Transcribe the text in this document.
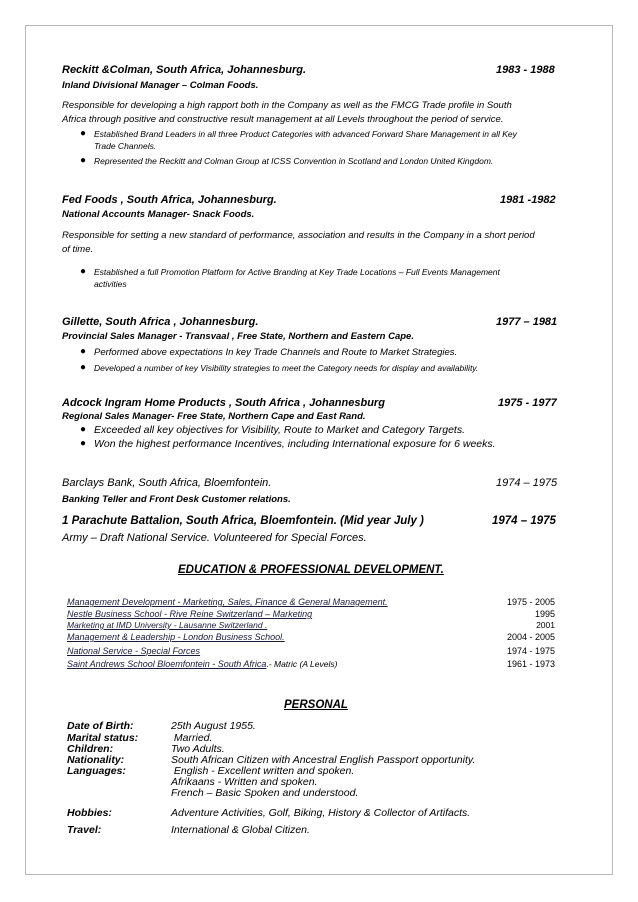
Reckitt &Colman, South Africa, Johannesburg.	1983 - 1988
Inland Divisional Manager – Colman Foods.
Responsible for developing a high rapport both in the Company as well as the FMCG Trade profile in South
Africa through positive and constructive result management at all Levels throughout the period of service.
● Established Brand Leaders in all three Product Categories with advanced Forward Share Management in all Key
Trade Channels.
● Represented the Reckitt and Colman Group at ICSS Convention in Scotland and London United Kingdom.
Fed Foods , South Africa, Johannesburg.	1981 -1982
National Accounts Manager- Snack Foods.
Responsible for setting a new standard of performance, association and results in the Company in a short period
of time.
● Established a full Promotion Platform for Active Branding at Key Trade Locations – Full Events Management
activities
Gillette, South Africa , Johannesburg.	1977 – 1981
Provincial Sales Manager - Transvaal , Free State, Northern and Eastern Cape.
● Performed above expectations In key Trade Channels and Route to Market Strategies.
● Developed a number of key Visibility strategies to meet the Category needs for display and availability.
Adcock Ingram Home Products , South Africa , Johannesburg	1975 - 1977
Regional Sales Manager- Free State, Northern Cape and East Rand.
● Exceeded all key objectives for Visibility, Route to Market and Category Targets.
● Won the highest performance Incentives, including International exposure for 6 weeks.
Barclays Bank, South Africa, Bloemfontein.	1974 – 1975
Banking Teller and Front Desk Customer relations.
1 Parachute Battalion, South Africa, Bloemfontein. (Mid year July )	1974 – 1975
Army – Draft National Service. Volunteered for Special Forces.
EDUCATION & PROFESSIONAL DEVELOPMENT.
Management Development - Marketing, Sales, Finance & General Management.	1975 - 2005
Nestle Business School - Rive Reine Switzerland – Marketing	1995
Marketing at IMD University - Lausanne Switzerland .	2001
Management & Leadership - London Business School.	2004 - 2005
National Service - Special Forces	1974 - 1975
Saint Andrews School Bloemfontein - South Africa.- Matric (A Levels)	1961 - 1973
PERSONAL
Date of Birth:	25th August 1955.
Marital status:	Married.
Children:	Two Adults.
Nationality:	South African Citizen with Ancestral English Passport opportunity.
Languages:	English - Excellent written and spoken.
Afrikaans - Written and spoken.
French – Basic Spoken and understood.
Hobbies:	Adventure Activities, Golf, Biking, History & Collector of Artifacts.
Travel:	International & Global Citizen.
